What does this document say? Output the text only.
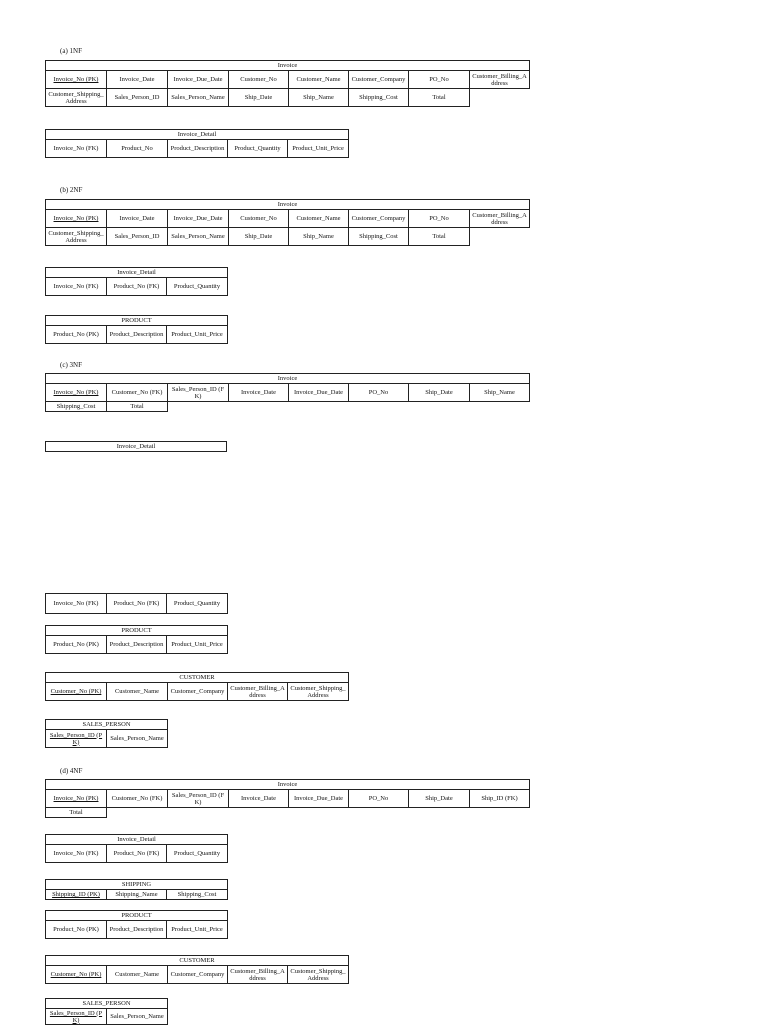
(a) 1NF
Invoice							
Invoice_No (PK)	Invoice_Date	Invoice_Due_Date	Customer_No	Customer_Name	Customer_Company	PO_No	Customer_Billing_Address
Customer_Shipping_Address	Sales_Person_ID	Sales_Person_Name	Ship_Date	Ship_Name	Shipping_Cost	Total	
Invoice_Detail
Invoice_No (FK)	Product_No	Product_Description	Product_Quantity	Product_Unit_Price
(b) 2NF
Invoice							
Invoice_No (PK)	Invoice_Date	Invoice_Due_Date	Customer_No	Customer_Name	Customer_Company	PO_No	Customer_Billing_Address
Customer_Shipping_Address	Sales_Person_ID	Sales_Person_Name	Ship_Date	Ship_Name	Shipping_Cost	Total	
Invoice_Detail
Invoice_No (FK)	Product_No (FK)	Product_Quantity
PRODUCT
Product_No (PK)	Product_Description	Product_Unit_Price
(c) 3NF
Invoice							
Invoice_No (PK)	Customer_No (FK)	Sales_Person_ID (FK)	Invoice_Date	Invoice_Due_Date	PO_No	Ship_Date	Ship_Name
Shipping_Cost	Total						
Invoice_Detail
Invoice_No (FK)	Product_No (FK)	Product_Quantity
PRODUCT
Product_No (PK)	Product_Description	Product_Unit_Price
CUSTOMER
Customer_No (PK)	Customer_Name	Customer_Company	Customer_Billing_Address	Customer_Shipping_Address
SALES_PERSON
Sales_Person_ID (PK)	Sales_Person_Name
(d) 4NF
Invoice							
Invoice_No (PK)	Customer_No (FK)	Sales_Person_ID (FK)	Invoice_Date	Invoice_Due_Date	PO_No	Ship_Date	Ship_ID (FK)
Total							
Invoice_Detail
Invoice_No (FK)	Product_No (FK)	Product_Quantity
SHIPPING
Shipping_ID (PK)	Shipping_Name	Shipping_Cost
PRODUCT
Product_No (PK)	Product_Description	Product_Unit_Price
CUSTOMER
Customer_No (PK)	Customer_Name	Customer_Company	Customer_Billing_Address	Customer_Shipping_Address
SALES_PERSON
Sales_Person_ID (PK)	Sales_Person_Name
